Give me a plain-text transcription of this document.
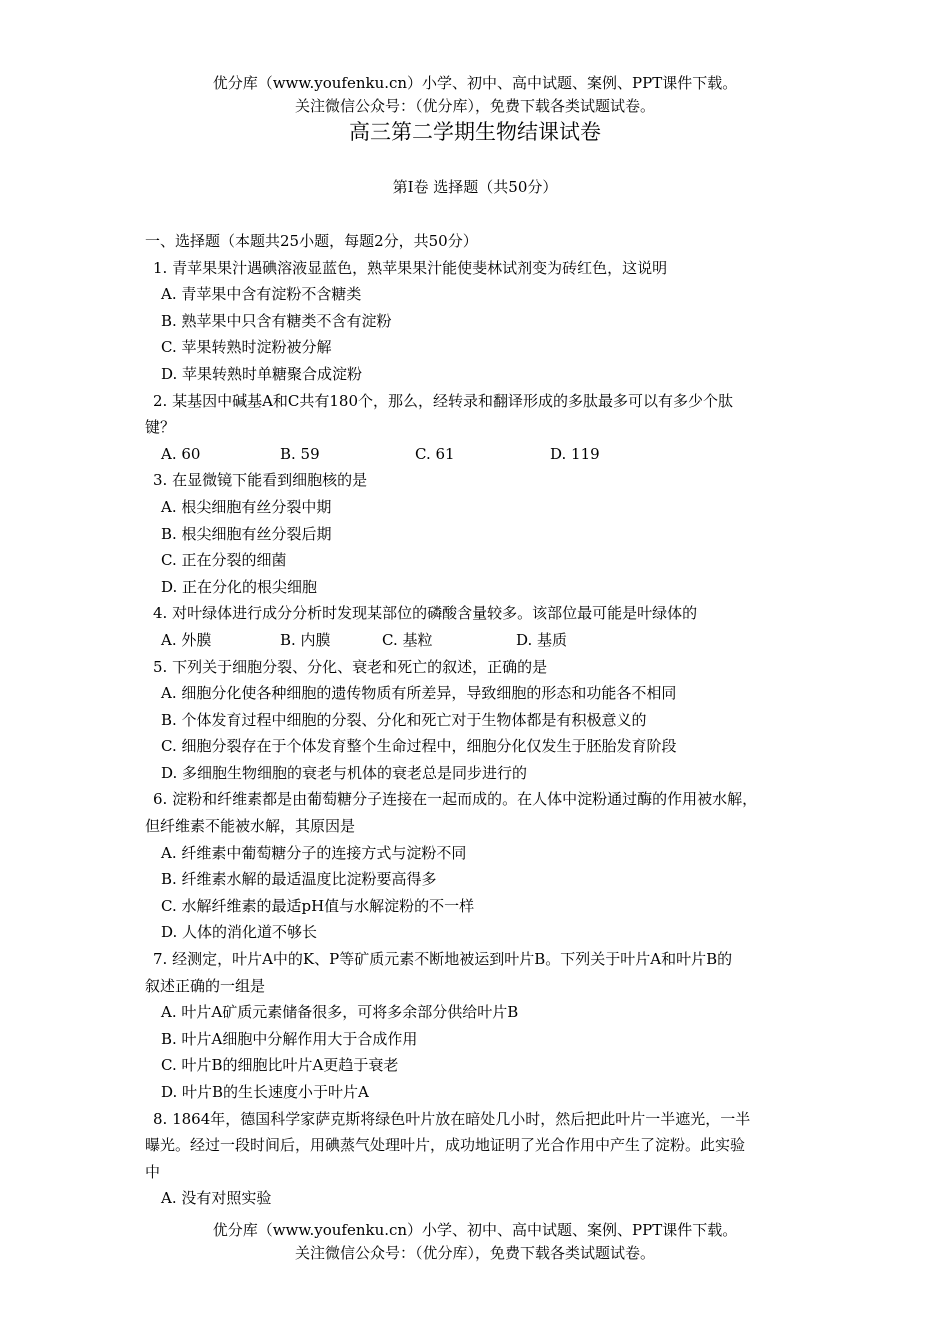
优分库（www.youfenku.cn）小学、初中、高中试题、案例、PPT课件下载。
关注微信公众号：（优分库），免费下载各类试题试卷。
高三第二学期生物结课试卷
第I卷 选择题（共50分）
一、选择题（本题共25小题，每题2分，共50分）
1. 青苹果果汁遇碘溶液显蓝色，熟苹果果汁能使斐林试剂变为砖红色，这说明
A. 青苹果中含有淀粉不含糖类
B. 熟苹果中只含有糖类不含有淀粉
C. 苹果转熟时淀粉被分解
D. 苹果转熟时单糖聚合成淀粉
2. 某基因中碱基A和C共有180个，那么，经转录和翻译形成的多肽最多可以有多少个肽
键？
A. 60	B. 59	C. 61	D. 119
3. 在显微镜下能看到细胞核的是
A. 根尖细胞有丝分裂中期
B. 根尖细胞有丝分裂后期
C. 正在分裂的细菌
D. 正在分化的根尖细胞
4. 对叶绿体进行成分分析时发现某部位的磷酸含量较多。该部位最可能是叶绿体的
A. 外膜	B. 内膜	C. 基粒	D. 基质
5. 下列关于细胞分裂、分化、衰老和死亡的叙述，正确的是
A. 细胞分化使各种细胞的遗传物质有所差异，导致细胞的形态和功能各不相同
B. 个体发育过程中细胞的分裂、分化和死亡对于生物体都是有积极意义的
C. 细胞分裂存在于个体发育整个生命过程中，细胞分化仅发生于胚胎发育阶段
D. 多细胞生物细胞的衰老与机体的衰老总是同步进行的
6. 淀粉和纤维素都是由葡萄糖分子连接在一起而成的。在人体中淀粉通过酶的作用被水解，
但纤维素不能被水解，其原因是
A. 纤维素中葡萄糖分子的连接方式与淀粉不同
B. 纤维素水解的最适温度比淀粉要高得多
C. 水解纤维素的最适pH值与水解淀粉的不一样
D. 人体的消化道不够长
7. 经测定，叶片A中的K、P等矿质元素不断地被运到叶片B。下列关于叶片A和叶片B的
叙述正确的一组是
A. 叶片A矿质元素储备很多，可将多余部分供给叶片B
B. 叶片A细胞中分解作用大于合成作用
C. 叶片B的细胞比叶片A更趋于衰老
D. 叶片B的生长速度小于叶片A
8. 1864年，德国科学家萨克斯将绿色叶片放在暗处几小时，然后把此叶片一半遮光，一半
曝光。经过一段时间后，用碘蒸气处理叶片，成功地证明了光合作用中产生了淀粉。此实验
中
A. 没有对照实验
优分库（www.youfenku.cn）小学、初中、高中试题、案例、PPT课件下载。
关注微信公众号：（优分库），免费下载各类试题试卷。
